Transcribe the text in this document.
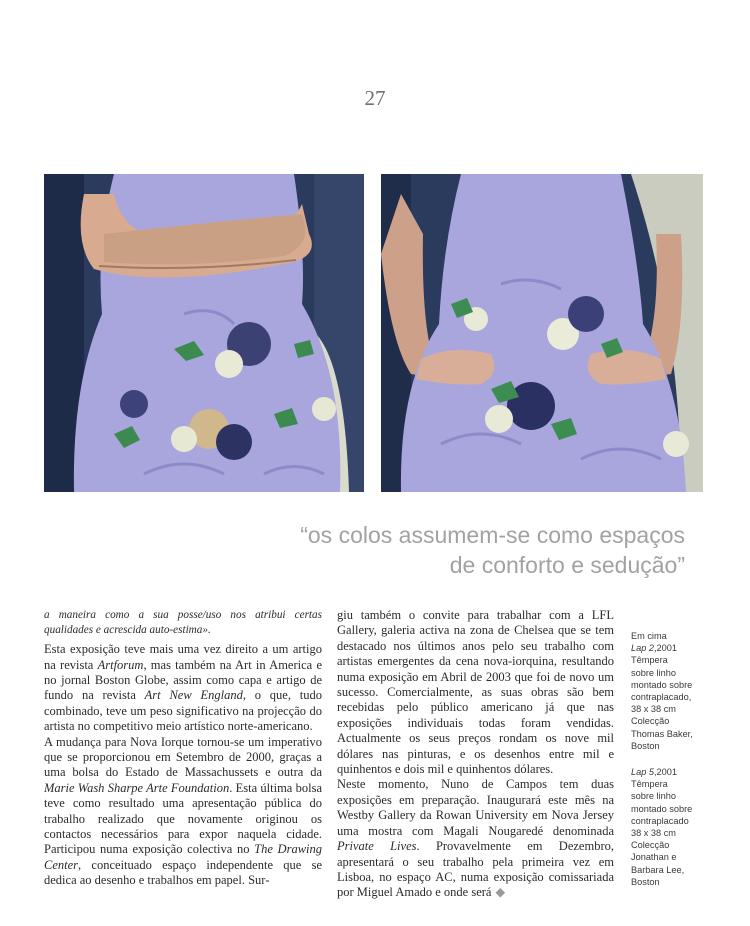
27
“os colos assumem-se como espaços
de conforto e sedução”

a maneira como a sua posse/uso nos atribui certas qualidades e acrescida auto-estima».

Esta exposição teve mais uma vez direito a um artigo na revista Artforum, mas também na Art in America e no jornal Boston Globe, assim como capa e artigo de fundo na revista Art New England, o que, tudo combinado, teve um peso significativo na projecção do artista no competitivo meio artístico norte-americano.

A mudança para Nova Iorque tornou-se um imperativo que se proporcionou em Setembro de 2000, graças a uma bolsa do Estado de Massachussets e outra da Marie Wash Sharpe Arte Foundation. Esta última bolsa teve como resultado uma apresentação pública do trabalho realizado que novamente originou os contactos necessários para expor naquela cidade. Participou numa exposição colectiva no The Drawing Center, conceituado espaço independente que se dedica ao desenho e trabalhos em papel. Sur-

giu também o convite para trabalhar com a LFL Gallery, galeria activa na zona de Chelsea que se tem destacado nos últimos anos pelo seu trabalho com artistas emergentes da cena nova-iorquina, resultando numa exposição em Abril de 2003 que foi de novo um sucesso. Comercialmente, as suas obras são bem recebidas pelo público americano já que nas exposições individuais todas foram vendidas. Actualmente os seus preços rondam os nove mil dólares nas pinturas, e os desenhos entre mil e quinhentos e dois mil e quinhentos dólares.

Neste momento, Nuno de Campos tem duas exposições em preparação. Inaugurará este mês na Westby Gallery da Rowan University em Nova Jersey uma mostra com Magali Nougaredé denominada Private Lives. Provavelmente em Dezembro, apresentará o seu trabalho pela primeira vez em Lisboa, no espaço AC, numa exposição comissariada por Miguel Amado e onde será ◆

Em cima
Lap 2,2001
Têmpera
sobre linho
montado sobre
contraplacado,
38 x 38 cm
Colecção
Thomas Baker,
Boston
Lap 5,2001
Têmpera
sobre linho
montado sobre
contraplacado
38 x 38 cm
Colecção
Jonathan e
Barbara Lee,
Boston
